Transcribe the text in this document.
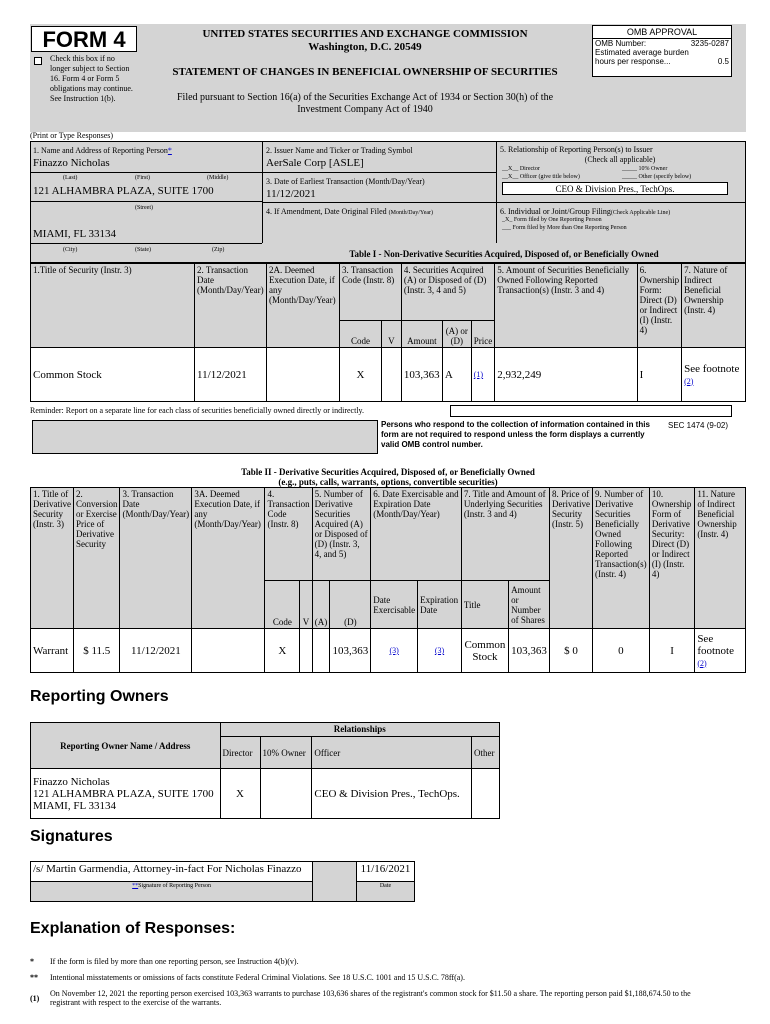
FORM 4
Check this box if no longer subject to Section 16. Form 4 or Form 5 obligations may continue. See Instruction 1(b).
UNITED STATES SECURITIES AND EXCHANGE COMMISSION
Washington, D.C. 20549
STATEMENT OF CHANGES IN BENEFICIAL OWNERSHIP OF SECURITIES
Filed pursuant to Section 16(a) of the Securities Exchange Act of 1934 or Section 30(h) of the
Investment Company Act of 1940
OMB APPROVAL
OMB Number:	3235-0287
Estimated average burden
hours per response...	0.5
(Print or Type Responses)
1. Name and Address of Reporting Person*
Finazzo Nicholas
(Last)	(First)	(Middle)
121 ALHAMBRA PLAZA, SUITE 1700
(Street)
MIAMI, FL 33134
(City)	(State)	(Zip)
2. Issuer Name and Ticker or Trading Symbol
AerSale Corp [ASLE]
3. Date of Earliest Transaction (Month/Day/Year)
11/12/2021
4. If Amendment, Date Original Filed (Month/Day/Year)
5. Relationship of Reporting Person(s) to Issuer
(Check all applicable)
__X__ Director	_____ 10% Owner
__X__ Officer (give title below)	_____ Other (specify below)
CEO & Division Pres., TechOps.
6. Individual or Joint/Group Filing(Check Applicable Line)
_X_ Form filed by One Reporting Person
___ Form filed by More than One Reporting Person
Table I - Non-Derivative Securities Acquired, Disposed of, or Beneficially Owned
1.Title of Security (Instr. 3)	2. Transaction Date (Month/Day/Year)	2A. Deemed Execution Date, if any (Month/Day/Year)	3. Transaction Code (Instr. 8)		4. Securities Acquired (A) or Disposed of (D) (Instr. 3, 4 and 5)			5. Amount of Securities Beneficially Owned Following Reported Transaction(s) (Instr. 3 and 4)	6. Ownership Form: Direct (D) or Indirect (I) (Instr. 4)	7. Nature of Indirect Beneficial Ownership (Instr. 4)
			Code	V	Amount	(A) or (D)	Price			
Common Stock	11/12/2021		X		103,363	A	(1)	2,932,249	I	See footnote (2)
Reminder: Report on a separate line for each class of securities beneficially owned directly or indirectly.
Persons who respond to the collection of information contained in this form are not required to respond unless the form displays a currently valid OMB control number.
SEC 1474 (9-02)
Table II - Derivative Securities Acquired, Disposed of, or Beneficially Owned
(e.g., puts, calls, warrants, options, convertible securities)
1. Title of Derivative Security (Instr. 3)	2. Conversion or Exercise Price of Derivative Security	3. Transaction Date (Month/Day/Year)	3A. Deemed Execution Date, if any (Month/Day/Year)	4. Transaction Code (Instr. 8)		5. Number of Derivative Securities Acquired (A) or Disposed of (D) (Instr. 3, 4, and 5)		6. Date Exercisable and Expiration Date (Month/Day/Year)		7. Title and Amount of Underlying Securities (Instr. 3 and 4)		8. Price of Derivative Security (Instr. 5)	9. Number of Derivative Securities Beneficially Owned Following Reported Transaction(s) (Instr. 4)	10. Ownership Form of Derivative Security: Direct (D) or Indirect (I) (Instr. 4)	11. Nature of Indirect Beneficial Ownership (Instr. 4)
				Code	V	(A)	(D)	Date Exercisable	Expiration Date	Title	Amount or Number of Shares				
Warrant	$ 11.5	11/12/2021		X			103,363	(3)	(3)	Common Stock	103,363	$ 0	0	I	See footnote (2)
Reporting Owners
Reporting Owner Name / Address	Relationships			
	Director	10% Owner	Officer	Other

Finazzo Nicholas
121 ALHAMBRA PLAZA, SUITE 1700
MIAMI, FL 33134	X		CEO & Division Pres., TechOps.	
Signatures
/s/ Martin Garmendia, Attorney-in-fact For Nicholas Finazzo		11/16/2021
**Signature of Reporting Person		Date
Explanation of Responses:
*	If the form is filed by more than one reporting person, see Instruction 4(b)(v).
**	Intentional misstatements or omissions of facts constitute Federal Criminal Violations. See 18 U.S.C. 1001 and 15 U.S.C. 78ff(a).
(1)	On November 12, 2021 the reporting person exercised 103,363 warrants to purchase 103,636 shares of the registrant's common stock for $11.50 a share. The reporting person paid $1,188,674.50 to the registrant with respect to the exercise of the warrants.
